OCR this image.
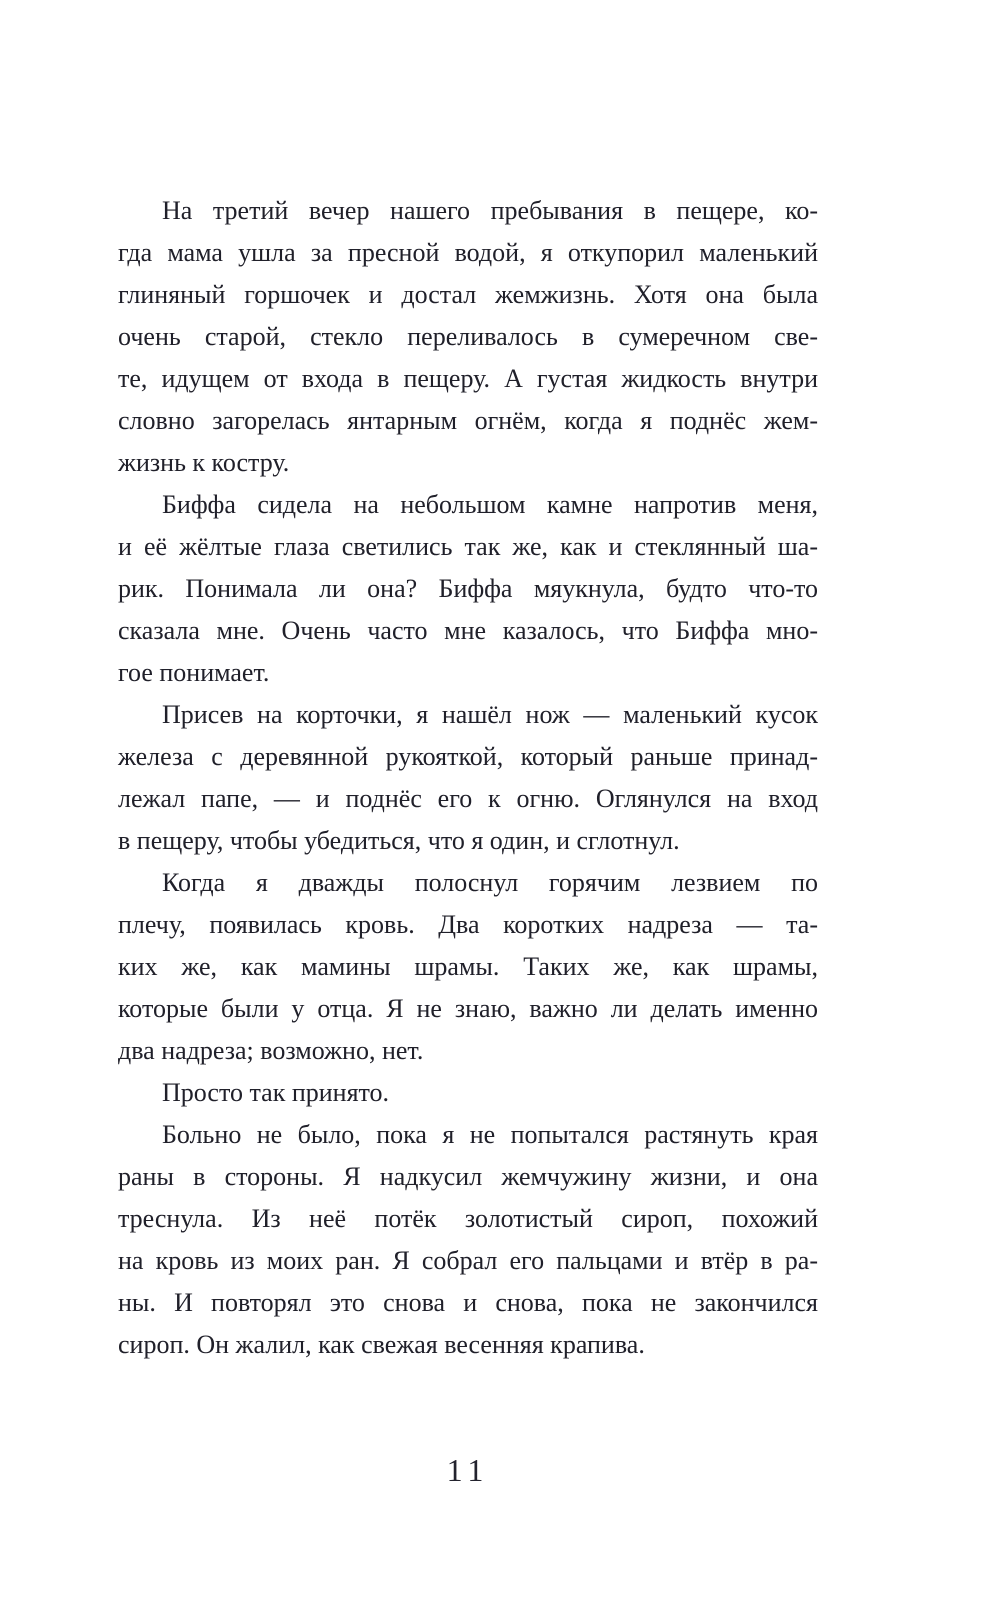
На третий вечер нашего пребывания в пещере, ко-
гда мама ушла за пресной водой, я откупорил маленький
глиняный горшочек и достал жемжизнь. Хотя она была
очень старой, стекло переливалось в сумеречном све-
те, идущем от входа в пещеру. А густая жидкость внутри
словно загорелась янтарным огнём, когда я поднёс жем-
жизнь к костру.
Биффа сидела на небольшом камне напротив меня,
и её жёлтые глаза светились так же, как и стеклянный ша-
рик. Понимала ли она? Биффа мяукнула, будто что-то
сказала мне. Очень часто мне казалось, что Биффа мно-
гое понимает.
Присев на корточки, я нашёл нож — маленький кусок
железа с деревянной рукояткой, который раньше принад-
лежал папе, — и поднёс его к огню. Оглянулся на вход
в пещеру, чтобы убедиться, что я один, и сглотнул.
Когда я дважды полоснул горячим лезвием по
плечу, появилась кровь. Два коротких надреза — та-
ких же, как мамины шрамы. Таких же, как шрамы,
которые были у отца. Я не знаю, важно ли делать именно
два надреза; возможно, нет.
Просто так принято.
Больно не было, пока я не попытался растянуть края
раны в стороны. Я надкусил жемчужину жизни, и она
треснула. Из неё потёк золотистый сироп, похожий
на кровь из моих ран. Я собрал его пальцами и втёр в ра-
ны. И повторял это снова и снова, пока не закончился
сироп. Он жалил, как свежая весенняя крапива.
11
